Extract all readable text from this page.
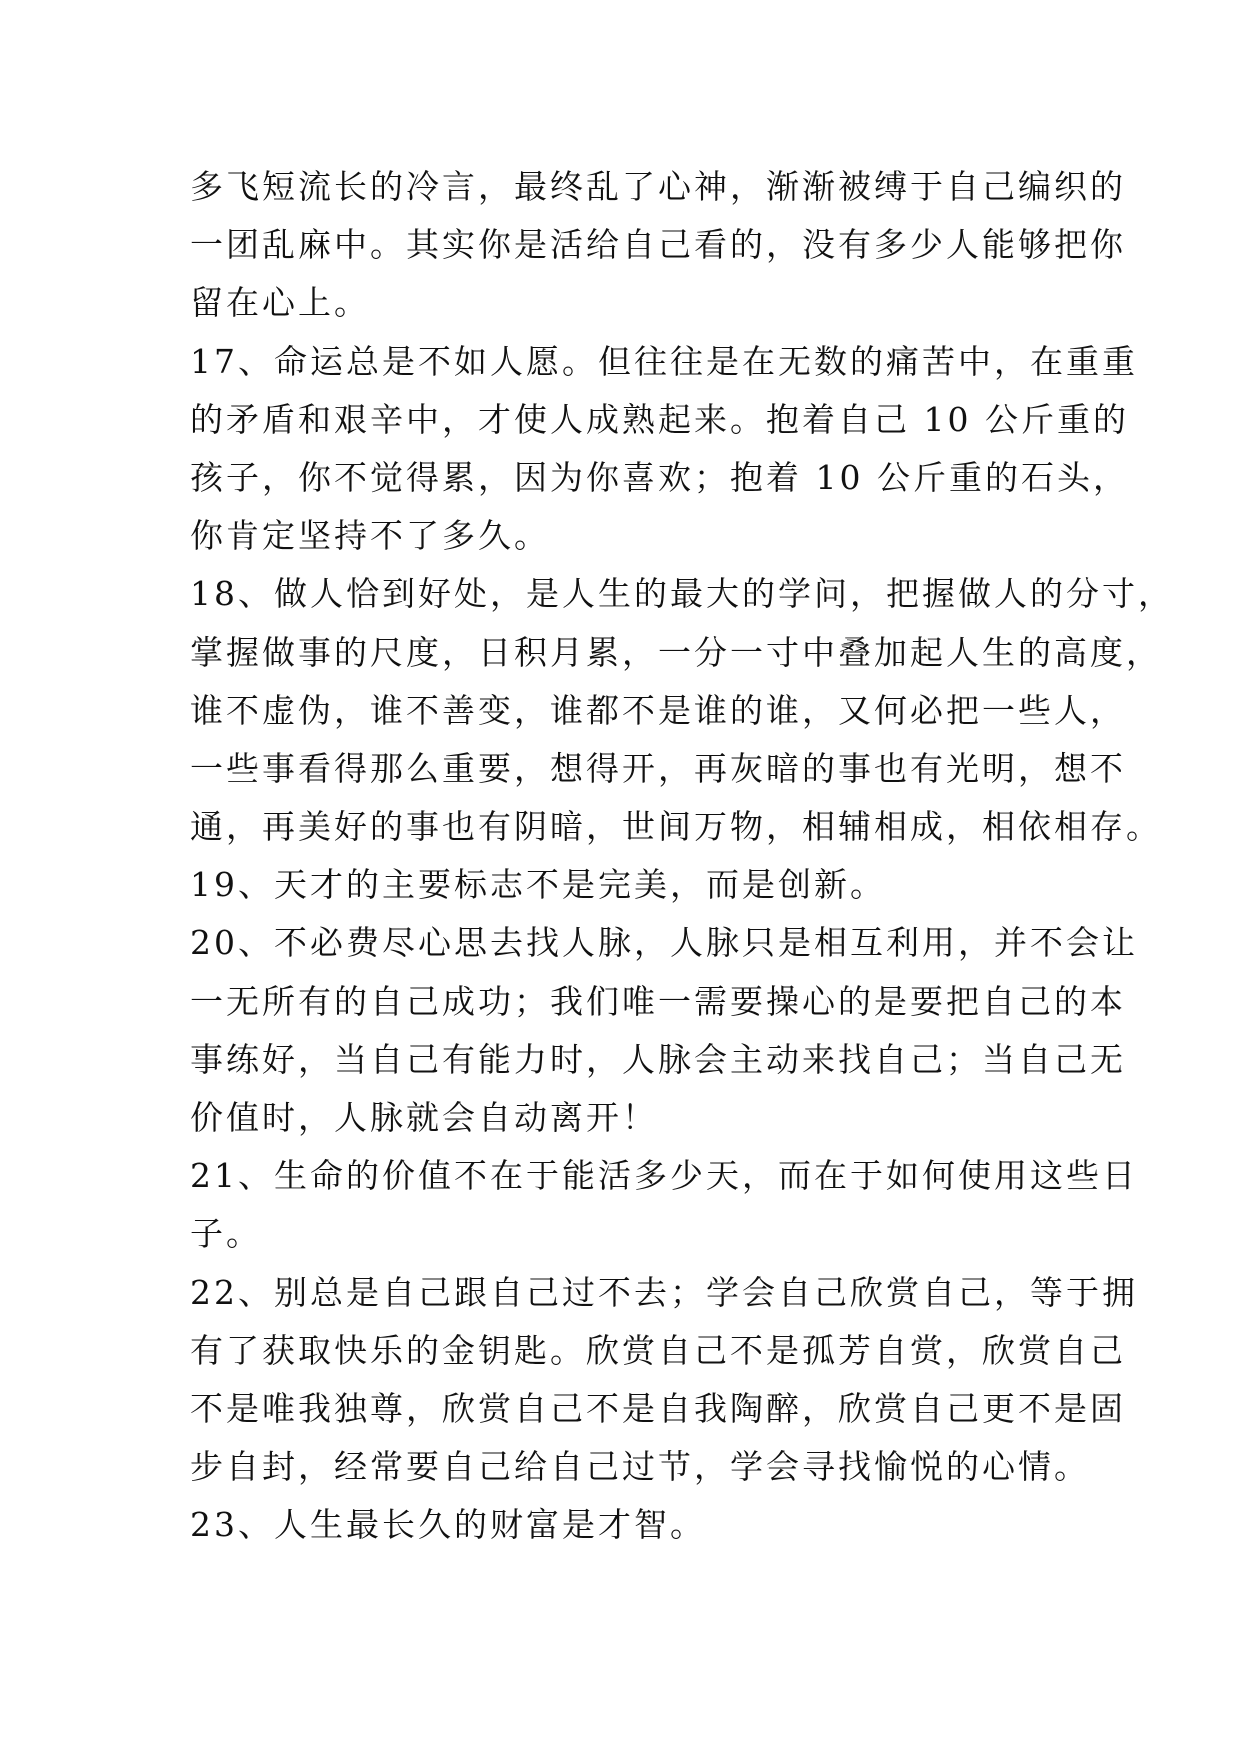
多飞短流长的冷言，最终乱了心神，渐渐被缚于自己编织的
一团乱麻中。其实你是活给自己看的，没有多少人能够把你
留在心上。
17、命运总是不如人愿。但往往是在无数的痛苦中，在重重
的矛盾和艰辛中，才使人成熟起来。抱着自己 10 公斤重的
孩子，你不觉得累，因为你喜欢；抱着 10 公斤重的石头，
你肯定坚持不了多久。
18、做人恰到好处，是人生的最大的学问，把握做人的分寸，
掌握做事的尺度，日积月累，一分一寸中叠加起人生的高度，
谁不虚伪，谁不善变，谁都不是谁的谁，又何必把一些人，
一些事看得那么重要，想得开，再灰暗的事也有光明，想不
通，再美好的事也有阴暗，世间万物，相辅相成，相依相存。
19、天才的主要标志不是完美，而是创新。
20、不必费尽心思去找人脉，人脉只是相互利用，并不会让
一无所有的自己成功；我们唯一需要操心的是要把自己的本
事练好，当自己有能力时，人脉会主动来找自己；当自己无
价值时，人脉就会自动离开！
21、生命的价值不在于能活多少天，而在于如何使用这些日
子。
22、别总是自己跟自己过不去；学会自己欣赏自己，等于拥
有了获取快乐的金钥匙。欣赏自己不是孤芳自赏，欣赏自己
不是唯我独尊，欣赏自己不是自我陶醉，欣赏自己更不是固
步自封，经常要自己给自己过节，学会寻找愉悦的心情。
23、人生最长久的财富是才智。
